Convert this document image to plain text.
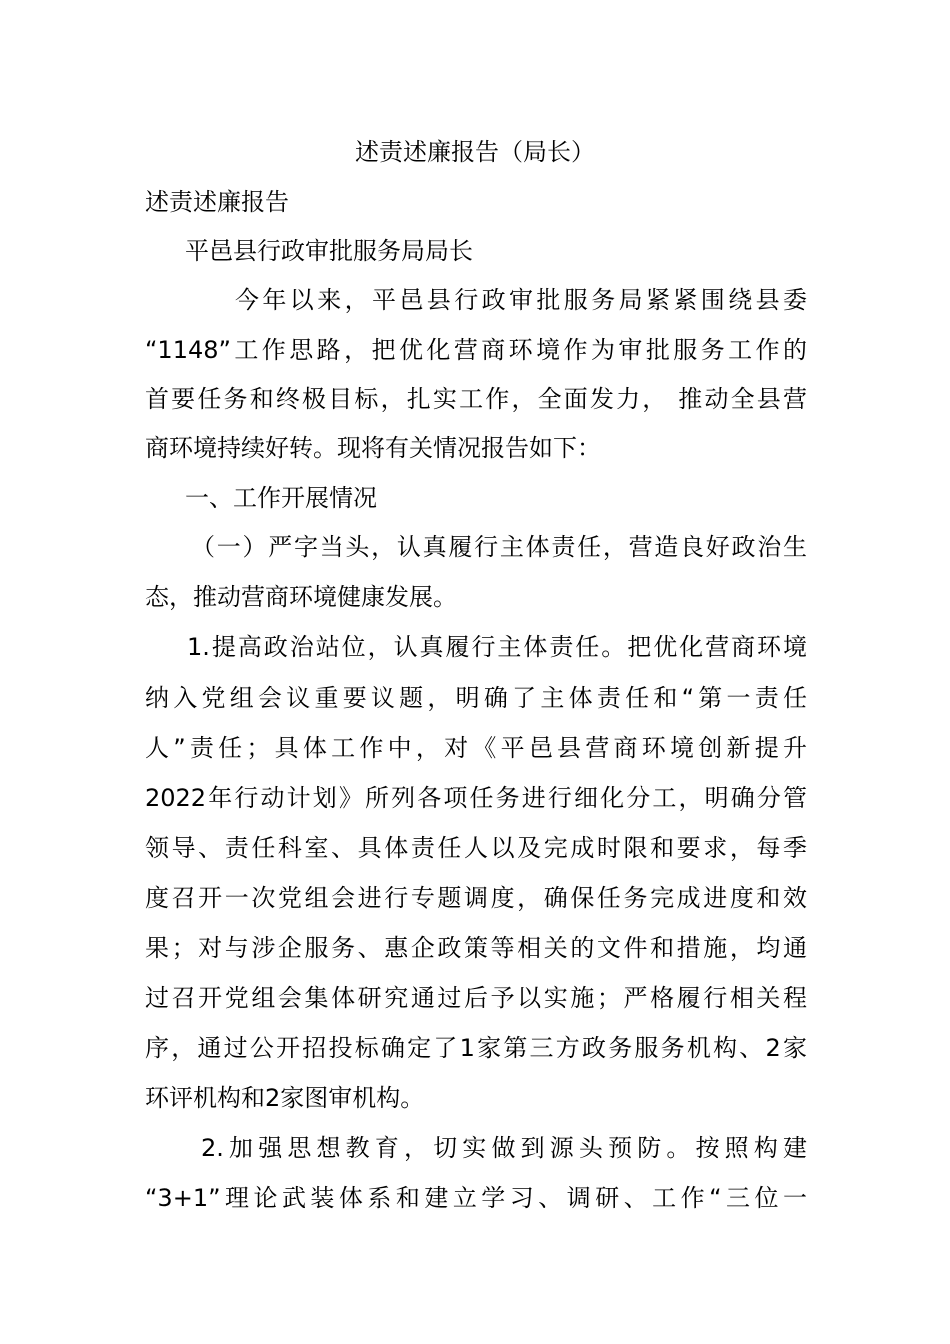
述责述廉报告（局长）

述责述廉报告

平邑县行政审批服务局局长

今年以来，平邑县行政审批服务局紧紧围绕县委

“1148”工作思路，把优化营商环境作为审批服务工作的

首要任务和终极目标，扎实工作，全面发力， 推动全县营

商环境持续好转。现将有关情况报告如下：

一、工作开展情况

（一）严字当头，认真履行主体责任，营造良好政治生

态，推动营商环境健康发展。

1.提高政治站位，认真履行主体责任。把优化营商环境

纳入党组会议重要议题，明确了主体责任和“第一责任

人”责任；具体工作中，对《平邑县营商环境创新提升

2022年行动计划》所列各项任务进行细化分工，明确分管

领导、责任科室、具体责任人以及完成时限和要求，每季

度召开一次党组会进行专题调度，确保任务完成进度和效

果；对与涉企服务、惠企政策等相关的文件和措施，均通

过召开党组会集体研究通过后予以实施；严格履行相关程

序，通过公开招投标确定了1家第三方政务服务机构、2家

环评机构和2家图审机构。

2.加强思想教育，切实做到源头预防。按照构建

“3+1”理论武装体系和建立学习、调研、工作“三位一
